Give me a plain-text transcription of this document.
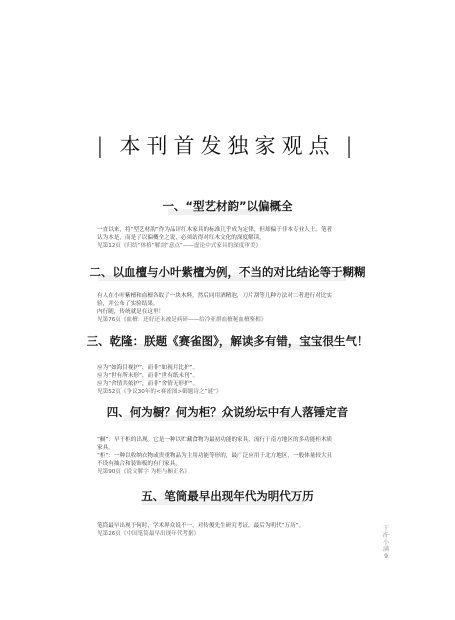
| 本刊首发独家观点 |
一、“型艺材韵”以偏概全

一直以来，将“型艺材韵”作为品评红木家具的标准几乎成为定律，但却偏于非本专业人士。笔者认为本是，而是了以偏概全之说，必须站得对红木文化的深度解读。

见第12页《归结“体格”解剖“意点”——虚论中式家具的深度审美》

二、以血檀与小叶紫檀为例，不当的对比结论等于糊糊

有人在小叶紫檀和血檀各取了一块木料，然后同用酒精泡，刀片刮等几种方法对二者进行对比实验，并公布了实验结果。

内行随，传统就是在这里！

见第76页《血檀：还好还未被是病碎——给冷亚群血檀秘血檀鉴相》

三、乾隆：朕题《赛雀图》，解读多有错，宝宝很生气！

应为“如海目视护”，而非“如视月比护”。

应为“世有所未形”，而非“世有纸未刊”。

应为“舍情共依护”，而非“舍情无形护”。

见第52页《争议30年的<赛雀图>御题诗之“谜”》

四、何为橱？何为柜？众说纷坛中有人落锤定音

“橱”：早于柜的出现。它是一种以贮藏食物为最初功能的家具，流行于南方地区的多功能柜木质家具。

“柜”：一种以收纳衣物或贵重物品为主用功能等形的，最广泛应用于北方地区，一般体量较大且不设有抽合和装饰板的有门家具。

见第90页《说文解字 为柜与橱正名》

五、笔筒最早出现年代为明代万历

笔筒最早出现于何时，学术界众说不一，对传俊先生研究考证，最后为明代“万历”。

见第26页《中国笔筒最早出现年代考据》

于吝·小满
9
